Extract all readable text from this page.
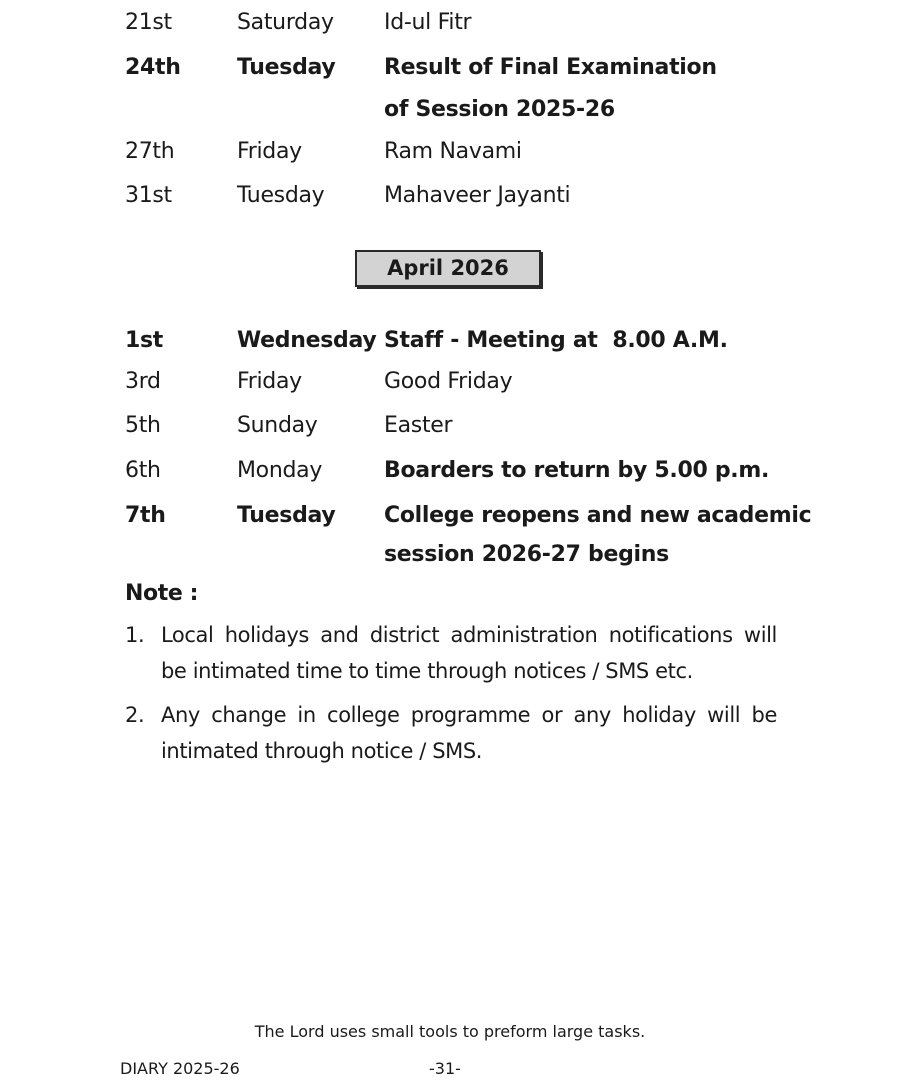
21st	Saturday Id-ul Fitr
24th	Tuesday Result of Final Examination
of Session 2025-26
27th	Friday	Ram Navami
31st	Tuesday	Mahaveer Jayanti
April 2026
1st	Wednesday Staff - Meeting at  8.00 A.M.
3rd	Friday	Good Friday
5th	Sunday	Easter
6th	Monday	Boarders to return by 5.00 p.m.
7th	Tuesday College reopens and new academic
session 2026-27 begins
Note :
1. Local holidays and district administration notifications will be intimated time to time through notices / SMS etc.
2. Any change in college programme or any holiday will be intimated through notice / SMS.
The Lord uses small tools to preform large tasks.
DIARY 2025-26	-31-
